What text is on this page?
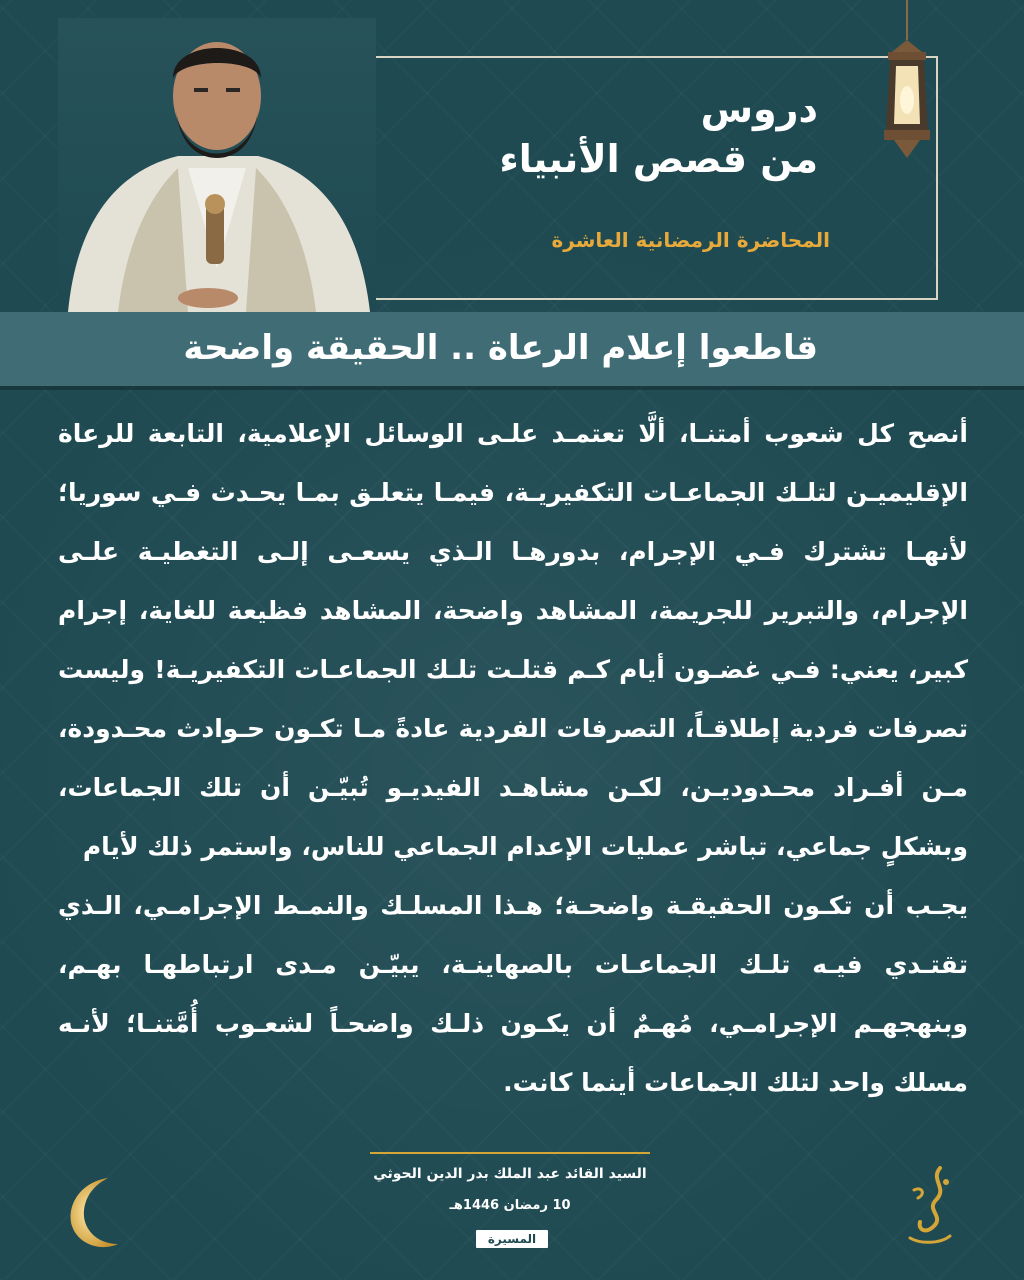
دروس
من قصص الأنبياء
المحاضرة الرمضانية العاشرة
قاطعوا إعلام الرعاة .. الحقيقة واضحة

أنصح كل شعوب أمتنـا، ألَّا تعتمـد علـى الوسائل الإعلامية، التابعة للرعاة الإقليميـن لتلـك الجماعـات التكفيريـة، فيمـا يتعلـق بمـا يحـدث فـي سوريا؛ لأنهـا تشترك فـي الإجرام، بدورهـا الـذي يسعـى إلـى التغطيـة علـى الإجرام، والتبرير للجريمة، المشاهد واضحة، المشاهد فظيعة للغاية، إجرام كبير، يعني: فـي غضـون أيام كـم قتلـت تلـك الجماعـات التكفيريـة! وليست تصرفات فردية إطلاقـاً، التصرفات الفردية عادةً مـا تكـون حـوادث محـدودة، مـن أفـراد محـدوديـن، لكـن مشاهـد الفيديـو تُبيّـن أن تلك الجماعات، وبشكلٍ جماعي، تباشر عمليات الإعدام الجماعي للناس، واستمر ذلك لأيام

يجـب أن تكـون الحقيقـة واضحـة؛ هـذا المسلـك والنمـط الإجرامـي، الـذي تقتـدي فيـه تلـك الجماعـات بالصهاينـة، يبيّـن مـدى ارتباطهـا بهـم، وبنهجهـم الإجرامـي، مُهـمٌ أن يكـون ذلـك واضحـاً لشعـوب أُمَّتنـا؛ لأنـه مسلك واحد لتلك الجماعات أينما كانت.

السيد القائد عبد الملك بدر الدين الحوثي
10 رمضان 1446هـ
المسيرة
